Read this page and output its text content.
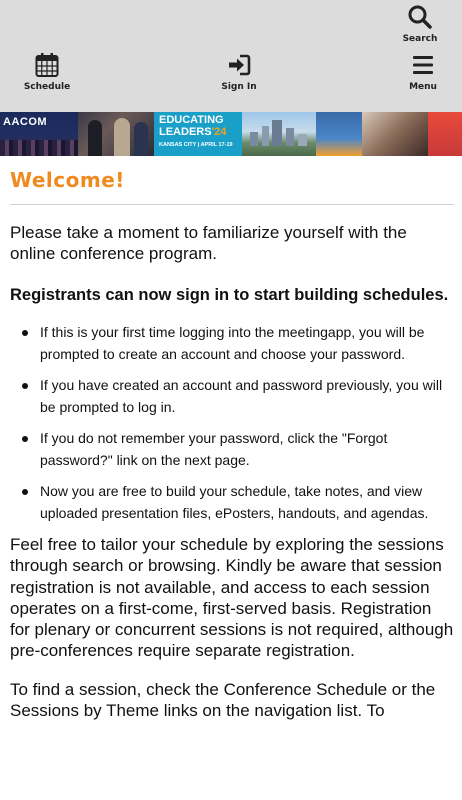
Search
Schedule	Sign In	Menu
AACOM	EDUCATING
LEADERS'24
KANSAS CITY | APRIL 17-19
Welcome!

Please take a moment to familiarize yourself with the online conference program.

Registrants can now sign in to start building schedules.

If this is your first time logging into the meetingapp, you will be prompted to create an account and choose your password.
If you have created an account and password previously, you will be prompted to log in.
If you do not remember your password, click the "Forgot password?" link on the next page.
Now you are free to build your schedule, take notes, and view uploaded presentation files, ePosters, handouts, and agendas.

Feel free to tailor your schedule by exploring the sessions through search or browsing. Kindly be aware that session registration is not available, and access to each session operates on a first-come, first-served basis. Registration for plenary or concurrent sessions is not required, although pre-conferences require separate registration.

To find a session, check the Conference Schedule or the Sessions by Theme links on the navigation list. To
